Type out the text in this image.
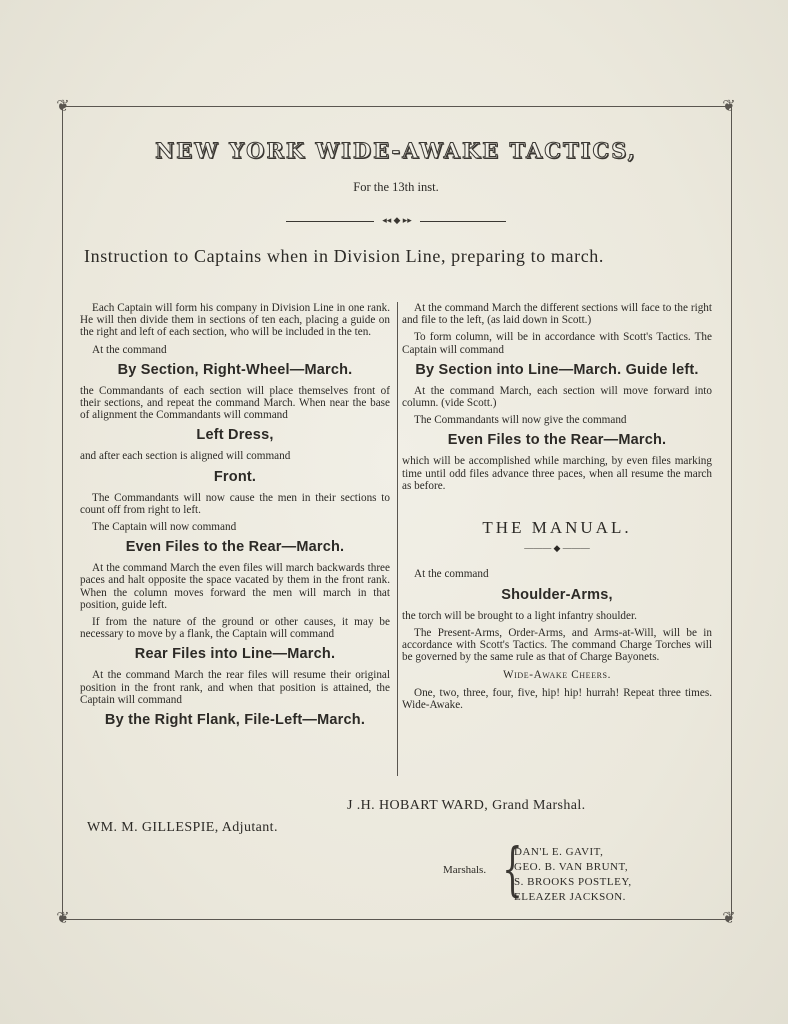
❦	❦
❦	❦
NEW YORK WIDE-AWAKE TACTICS,
For the 13th inst.
◂◂ ◆ ▸▸
Instruction to Captains when in Division Line, preparing to march.

Each Captain will form his company in Division Line in one rank. He will then divide them in sections of ten each, placing a guide on the right and left of each section, who will be included in the ten.

At the command

By Section, Right-Wheel—March.

the Commandants of each section will place themselves front of their sections, and repeat the command March. When near the base of alignment the Commandants will command

Left Dress,

and after each section is aligned will command

Front.

The Commandants will now cause the men in their sections to count off from right to left.

The Captain will now command

Even Files to the Rear—March.

At the command March the even files will march backwards three paces and halt opposite the space vacated by them in the front rank. When the column moves forward the men will march in that position, guide left.

If from the nature of the ground or other causes, it may be necessary to move by a flank, the Captain will command

Rear Files into Line—March.

At the command March the rear files will resume their original position in the front rank, and when that position is attained, the Captain will command

By the Right Flank, File-Left—March.

At the command March the different sections will face to the right and file to the left, (as laid down in Scott.)

To form column, will be in accordance with Scott's Tactics. The Captain will command

By Section into Line—March. Guide left.

At the command March, each section will move forward into column. (vide Scott.)

The Commandants will now give the command

Even Files to the Rear—March.

which will be accomplished while marching, by even files marking time until odd files advance three paces, when all resume the march as before.

THE MANUAL.
——— ◆ ———

At the command

Shoulder-Arms,

the torch will be brought to a light infantry shoulder.

The Present-Arms, Order-Arms, and Arms-at-Will, will be in accordance with Scott's Tactics. The command Charge Torches will be governed by the same rule as that of Charge Bayonets.

Wide-Awake Cheers.

One, two, three, four, five, hip! hip! hurrah! Repeat three times. Wide-Awake.

J .H. HOBART WARD, Grand Marshal.
WM. M. GILLESPIE, Adjutant.
Marshals. {
DAN'L E. GAVIT,
GEO. B. VAN BRUNT,
S. BROOKS POSTLEY,
ELEAZER JACKSON.
